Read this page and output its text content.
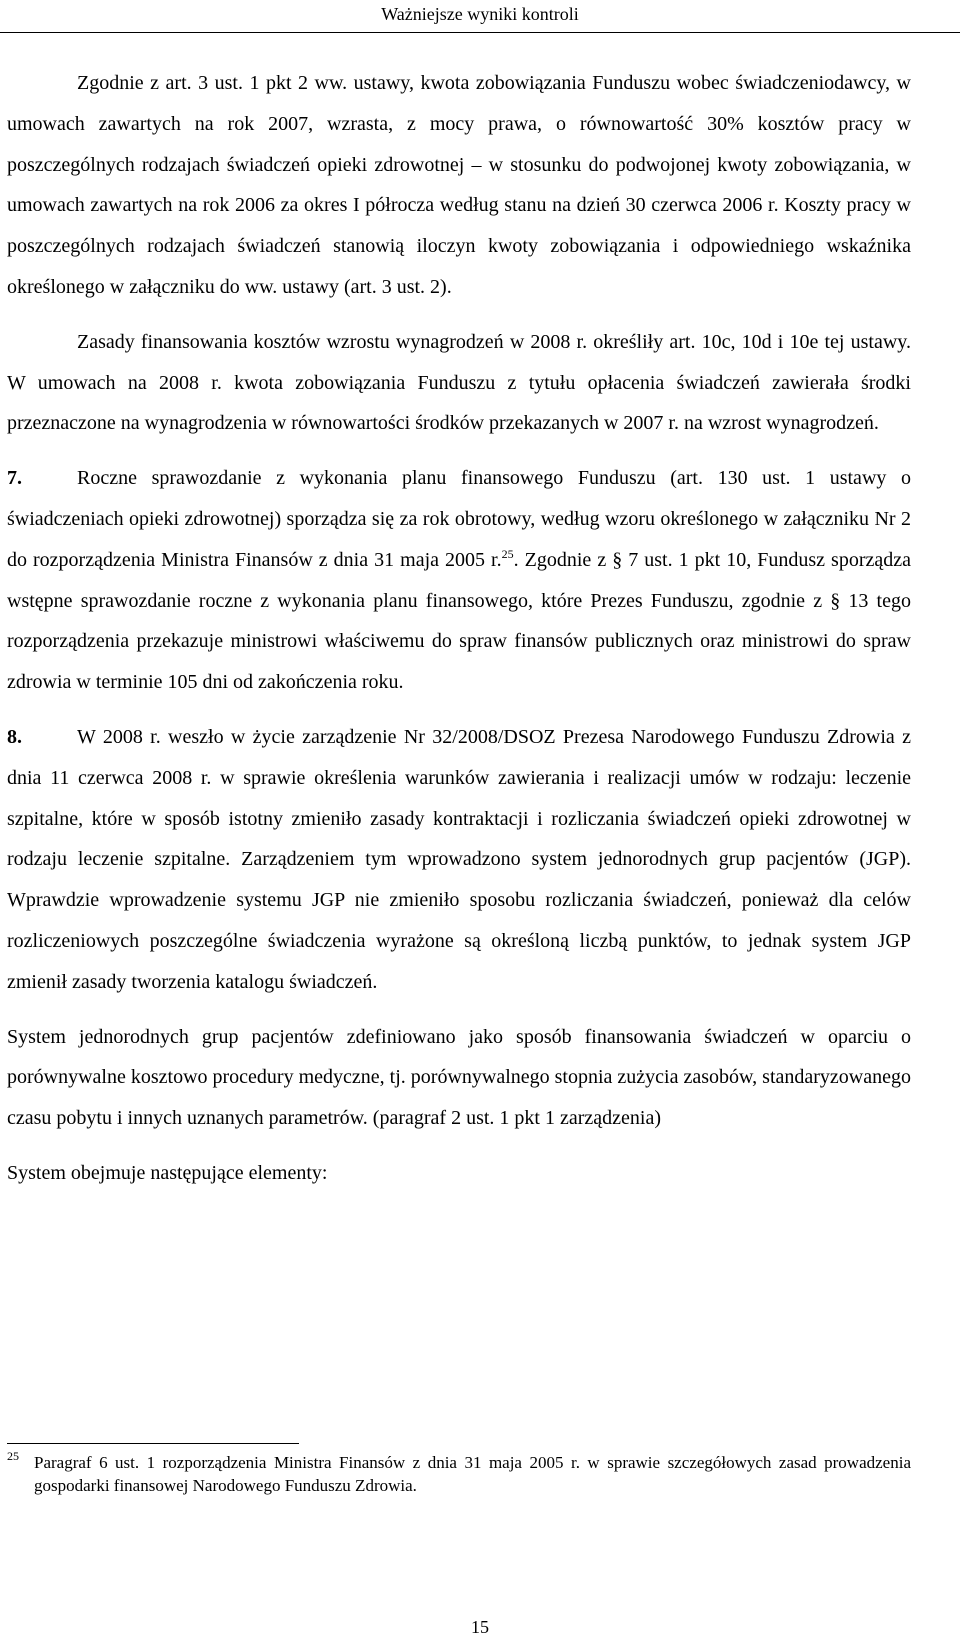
Ważniejsze wyniki kontroli

Zgodnie z art. 3 ust. 1 pkt 2 ww. ustawy, kwota zobowiązania Funduszu wobec świadczeniodawcy, w umowach zawartych na rok 2007, wzrasta, z mocy prawa, o równowartość 30% kosztów pracy w poszczególnych rodzajach świadczeń opieki zdrowotnej – w stosunku do podwojonej kwoty zobowiązania, w umowach zawartych na rok 2006 za okres I półrocza według stanu na dzień 30 czerwca 2006 r. Koszty pracy w poszczególnych rodzajach świadczeń stanowią iloczyn kwoty zobowiązania i odpowiedniego wskaźnika określonego w załączniku do ww. ustawy (art. 3 ust. 2).

Zasady finansowania kosztów wzrostu wynagrodzeń w 2008 r. określiły art. 10c, 10d i 10e tej ustawy. W umowach na 2008 r. kwota zobowiązania Funduszu z tytułu opłacenia świadczeń zawierała środki przeznaczone na wynagrodzenia w równowartości środków przekazanych w 2007 r. na wzrost wynagrodzeń.

7.	Roczne sprawozdanie z wykonania planu finansowego Funduszu (art. 130 ust. 1 ustawy o świadczeniach opieki zdrowotnej) sporządza się za rok obrotowy, według wzoru określonego w załączniku Nr 2 do rozporządzenia Ministra Finansów z dnia 31 maja 2005 r.$^{25}$. Zgodnie z § 7 ust. 1 pkt 10, Fundusz sporządza wstępne sprawozdanie roczne z wykonania planu finansowego, które Prezes Funduszu, zgodnie z § 13 tego rozporządzenia przekazuje ministrowi właściwemu do spraw finansów publicznych oraz ministrowi do spraw zdrowia w terminie 105 dni od zakończenia roku.

8.	W 2008 r. weszło w życie zarządzenie Nr 32/2008/DSOZ Prezesa Narodowego Funduszu Zdrowia z dnia 11 czerwca 2008 r. w sprawie określenia warunków zawierania i realizacji umów w rodzaju: leczenie szpitalne, które w sposób istotny zmieniło zasady kontraktacji i rozliczania świadczeń opieki zdrowotnej w rodzaju leczenie szpitalne. Zarządzeniem tym wprowadzono system jednorodnych grup pacjentów (JGP). Wprawdzie wprowadzenie systemu JGP nie zmieniło sposobu rozliczania świadczeń, ponieważ dla celów rozliczeniowych poszczególne świadczenia wyrażone są określoną liczbą punktów, to jednak system JGP zmienił zasady tworzenia katalogu świadczeń.

System jednorodnych grup pacjentów zdefiniowano jako sposób finansowania świadczeń w oparciu o porównywalne kosztowo procedury medyczne, tj. porównywalnego stopnia zużycia zasobów, standaryzowanego czasu pobytu i innych uznanych parametrów. (paragraf 2 ust. 1 pkt 1 zarządzenia)

System obejmuje następujące elementy:

25 Paragraf 6 ust. 1 rozporządzenia Ministra Finansów z dnia 31 maja 2005 r. w sprawie szczegółowych zasad prowadzenia gospodarki finansowej Narodowego Funduszu Zdrowia.
15
